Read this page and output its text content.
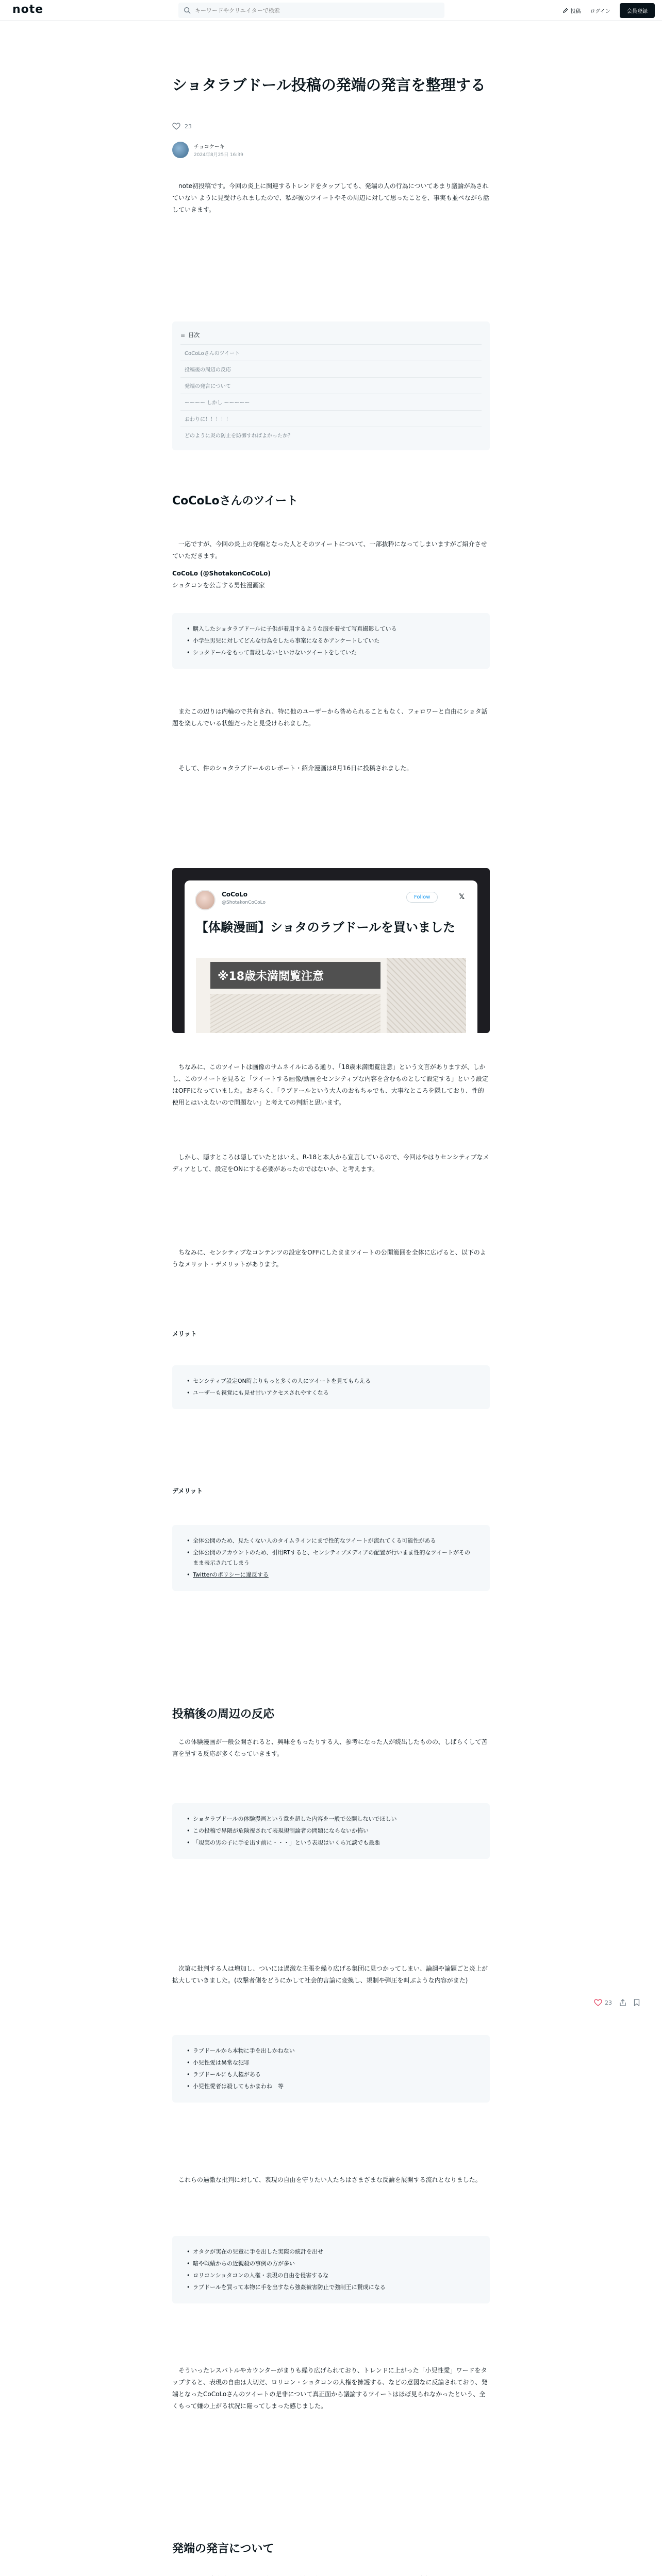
note
キーワードやクリエイターで検索	投稿 ログイン	会員登録
ショタラブドール投稿の発端の発言を整理する
23
チョコケーキ
2024年8月25日 16:39

　note初投稿です。今回の炎上に関連するトレンドをタップしても、発端の人の行為についてあまり議論が為されていない ように見受けられましたので、私が彼のツイートやその周辺に対して思ったことを、事実も並べながら話していきます。

≡ 目次
CoCoLoさんのツイート
投稿後の周辺の反応
発端の発言について
ーーーー しかし ーーーーー
おわりに！！！！！
どのように炎の防止を防御すればよかったか？
CoCoLoさんのツイート

　一応ですが、今回の炎上の発端となった人とそのツイートについて、一部抜粋になってしまいますがご紹介させていただきます。

CoCoLo (@ShotakonCoCoLo)

ショタコンを公言する男性漫画家

• 購入したショタラブドールに子供が着用するような服を着せて写真撮影している
• 小学生男児に対してどんな行為をしたら事案になるかアンケートしていた
• ショタドールをもって普段しないといけないツイートをしていた

　またこの辺りは内輪ので共有され、特に他のユーザーから咎められることもなく、フォロワーと自由にショタ話題を楽しんでいる状態だったと見受けられました。

　そして、件のショタラブドールのレポート・紹介漫画は8月16日に投稿されました。

CoCoLo
@ShotakonCoCoLo
Follow	𝕏
【体験漫画】ショタのラブドールを買いました
※18歳未満閲覧注意

　ちなみに、このツイートは画像のサムネイルにある通り、「18歳未満閲覧注意」という文言がありますが、しかし、このツイートを見ると「ツイートする画像/動画をセンシティブな内容を含むものとして設定する」という設定はOFFになっていました。おそらく、「ラブドールという大人のおもちゃでも、大事なところを隠しており、性的使用とはいえないので問題ない」と考えての判断と思います。

　しかし、隠すところは隠していたとはいえ、R-18と本人から宣言しているので、今回はやはりセンシティブなメディアとして、設定をONにする必要があったのではないか、と考えます。

　ちなみに、センシティブなコンテンツの設定をOFFにしたままツイートの公開範囲を全体に広げると、以下のようなメリット・デメリットがあります。

メリット
• センシティブ設定ON時よりもっと多くの人にツイートを見てもらえる
• ユーザーも視覚にも見せ甘いアクセスされやすくなる
デメリット
• 全体公開のため、見たくない人のタイムラインにまで性的なツイートが流れてくる可能性がある
• 全体公開のアカウントのため、引用RTすると、センシティブメディアの配置が行いまま性的なツイートがそのまま表示されてしまう
• Twitterのポリシーに違反する
投稿後の周辺の反応

　この体験漫画が一般公開されると、興味をもったりする人、参考になった人が続出したものの、しばらくして苦言を呈する反応が多くなっていきます。

• ショタラブドールの体験漫画という意を超した内容を一般で公開しないでほしい
• この投稿で界隈が危険視されて表現規制論者の問題にならないか怖い
• 「現実の男の子に手を出す前に・・・」という表現はいくら冗談でも最悪

　次第に批判する人は増加し、ついには過激な主張を繰り広げる集団に見つかってしまい、論調や論題ごと炎上が拡大していきました。(攻撃者側をどうにかして社会的言論に変換し、規制や弾圧を叫ぶような内容がまた)

• ラブドールから本物に手を出しかねない
• 小児性愛は異常な犯罪
• ラブドールにも人権がある
• 小児性愛者は殺してもかまわね　等

　これらの過激な批判に対して、表現の自由を守りたい人たちはさまざまな反論を展開する流れとなりました。

• オタクが実在の児童に手を出した実際の統計を出せ
• 暗や戦績からの近親殺の事例の方が多い
• ロリコンショタコンの人権・表現の自由を侵害するな
• ラブドールを買って本物に手を出すなら強姦被害防止で強制王に賛成になる

　そういったレスバトルやカウンターがまりも繰り広げられており、トレンドに上がった「小児性愛」ワードをタップすると、表現の自由は大切だ、ロリコン・ショタコンの人権を擁護する、などの意図なに反論されており、発端となったCoCoLoさんのツイートの是非について真正面から議論するツイートはほぼ見られなかったという、全くもって嫌の上がる状況に陥ってしまった感じました。

発端の発言について

23
